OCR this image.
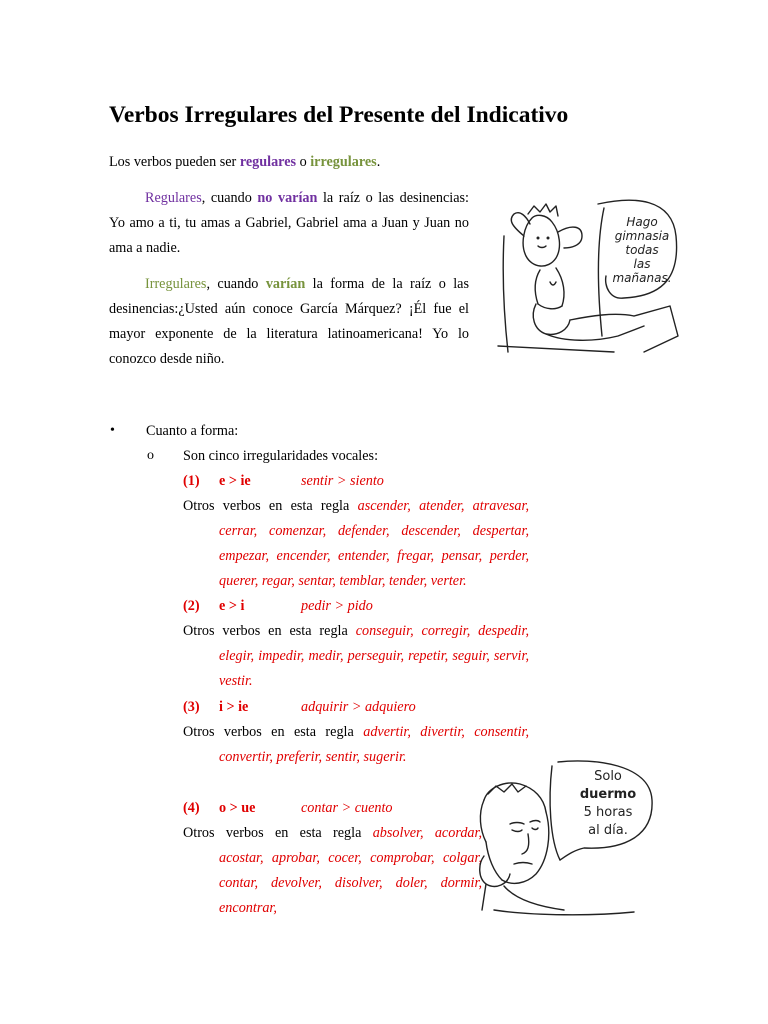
Verbos Irregulares del Presente del Indicativo

Los verbos pueden ser regulares o irregulares.

Regulares, cuando no varían la raíz o las desinencias: Yo amo a ti, tu amas a Gabriel, Gabriel ama a Juan y Juan no ama a nadie.

Irregulares, cuando varían la forma de la raíz o las desinencias:¿Usted aún conoce García Márquez? ¡Él fue el mayor exponente de la literatura latinoamericana! Yo lo conozco desde niño.

Hago
gimnasia
todas
las
mañanas.
• Cuanto a forma:
o Son cinco irregularidades vocales:
(1) e > ie	sentir > siento

Otros verbos en esta regla ascender, atender, atravesar, cerrar, comenzar, defender, descender, despertar, empezar, encender, entender, fregar, pensar, perder, querer, regar, sentar, temblar, tender, verter.

(2) e > i	pedir > pido

Otros verbos en esta regla conseguir, corregir, despedir, elegir, impedir, medir, perseguir, repetir, seguir, servir, vestir.

(3) i > ie	adquirir > adquiero

Otros verbos en esta regla advertir, divertir, consentir, convertir, preferir, sentir, sugerir.

(4) o > ue	contar > cuento

Otros verbos en esta regla absolver, acordar, acostar, aprobar, cocer, comprobar, colgar, contar, devolver, disolver, doler, dormir, encontrar,

Solo
duermo
5 horas
al día.
